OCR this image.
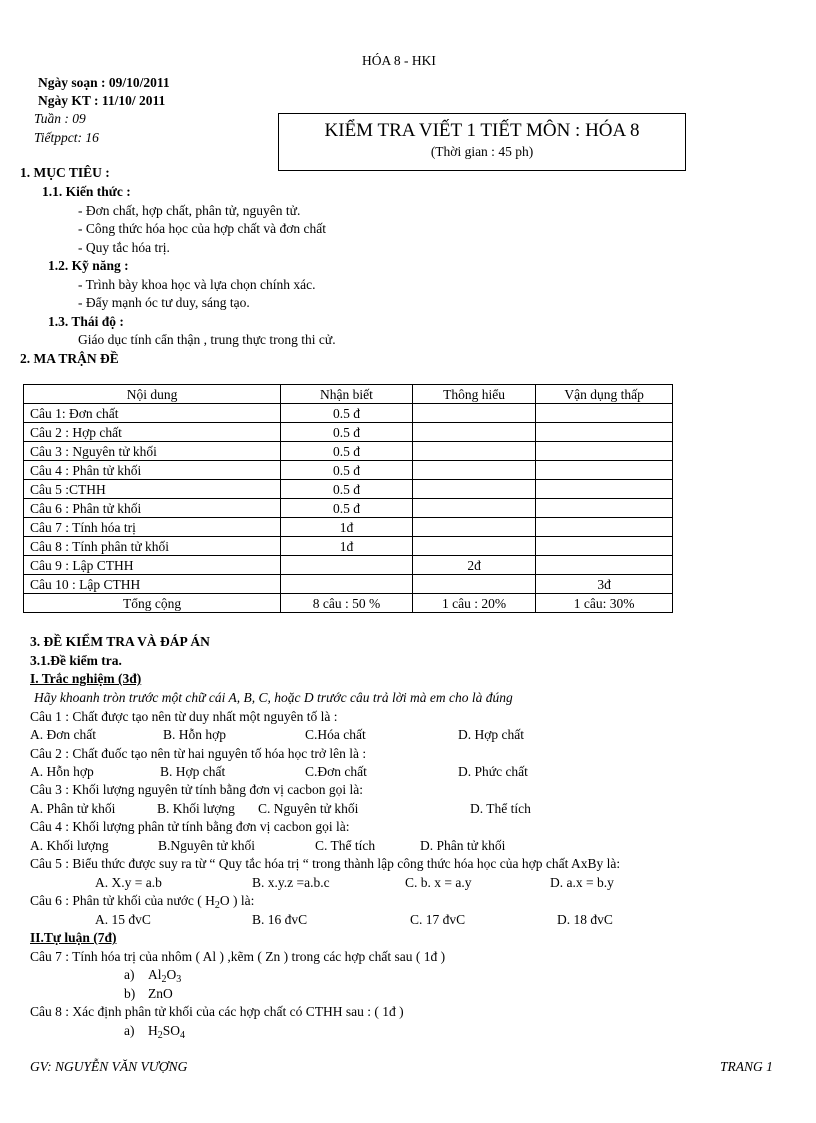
HÓA 8 - HKI
Ngày soạn : 09/10/2011
Ngày KT : 11/10/ 2011
Tuần : 09
Tiếtppct: 16	KIỂM TRA VIẾT 1 TIẾT MÔN : HÓA 8
(Thời gian : 45 ph)
1. MỤC TIÊU :
1.1. Kiến thức :
- Đơn chất, hợp chất, phân tử, nguyên tử.
- Công thức hóa học của hợp chất và đơn chất
- Quy tắc hóa trị.
1.2. Kỹ năng :
- Trình bày khoa học và lựa chọn chính xác.
- Đẩy mạnh óc tư duy, sáng tạo.
1.3. Thái độ :
Giáo dục tính cẩn thận , trung thực trong thi cử.
2. MA TRẬN ĐỀ
Nội dung	Nhận biết	Thông hiểu	Vận dụng thấp
Câu 1: Đơn chất	0.5 đ		
Câu 2 : Hợp chất	0.5 đ		
Câu 3 : Nguyên tử khối	0.5 đ		
Câu 4 : Phân tử khối	0.5 đ		
Câu 5 :CTHH	0.5 đ		
Câu 6 : Phân tử khối	0.5 đ		
Câu 7 : Tính hóa trị	1đ		
Câu 8 : Tính phân tử khối	1đ		
Câu 9 : Lập CTHH		2đ	
Câu 10 : Lập CTHH			3đ
Tổng cộng	8 câu : 50 %	1 câu : 20%	1 câu: 30%
3. ĐỀ KIỂM TRA VÀ ĐÁP ÁN
3.1.Đề kiểm tra.
I. Trắc nghiệm (3đ)
Hãy khoanh tròn trước một chữ cái A, B, C, hoặc D trước câu trả lời mà em cho là đúng
Câu 1 : Chất được tạo nên từ duy nhất một nguyên tố là :
A. Đơn chất	B. Hỗn hợp	C.Hóa chất	D. Hợp chất
Câu 2 : Chất đuốc tạo nên từ hai nguyên tố hóa học trở lên là :
A. Hỗn hợp	B. Hợp chất	C.Đơn chất	D. Phức chất
Câu 3 : Khối lượng nguyên tử tính bằng đơn vị cacbon gọi là:
A. Phân tử khối	B. Khối lượng C. Nguyên tử khối	D. Thể tích
Câu 4 : Khối lượng phân tử tính bằng đơn vị cacbon gọi là:
A. Khối lượng	B.Nguyên tử khối	C. Thể tích	D. Phân tử khối
Câu 5 : Biểu thức được suy ra từ “ Quy tắc hóa trị “ trong thành lập công thức hóa học của hợp chất AxBy là:
A. X.y = a.b	B. x.y.z =a.b.c	C. b. x = a.y	D. a.x = b.y
Câu 6 : Phân tử khối của nước ( $H_2O$ ) là:
A. 15 đvC	B. 16 đvC	C. 17 đvC	D. 18 đvC
II.Tự luận (7đ)
Câu 7 : Tính hóa trị của nhôm ( Al ) ,kẽm ( Zn ) trong các hợp chất sau ( 1đ )
a) $Al_2O_3$
b) ZnO
Câu 8 : Xác định phân tử khối của các hợp chất có CTHH sau : ( 1đ )
a) $H_2SO_4$
GV: NGUYỄN VĂN VƯỢNG	TRANG 1
